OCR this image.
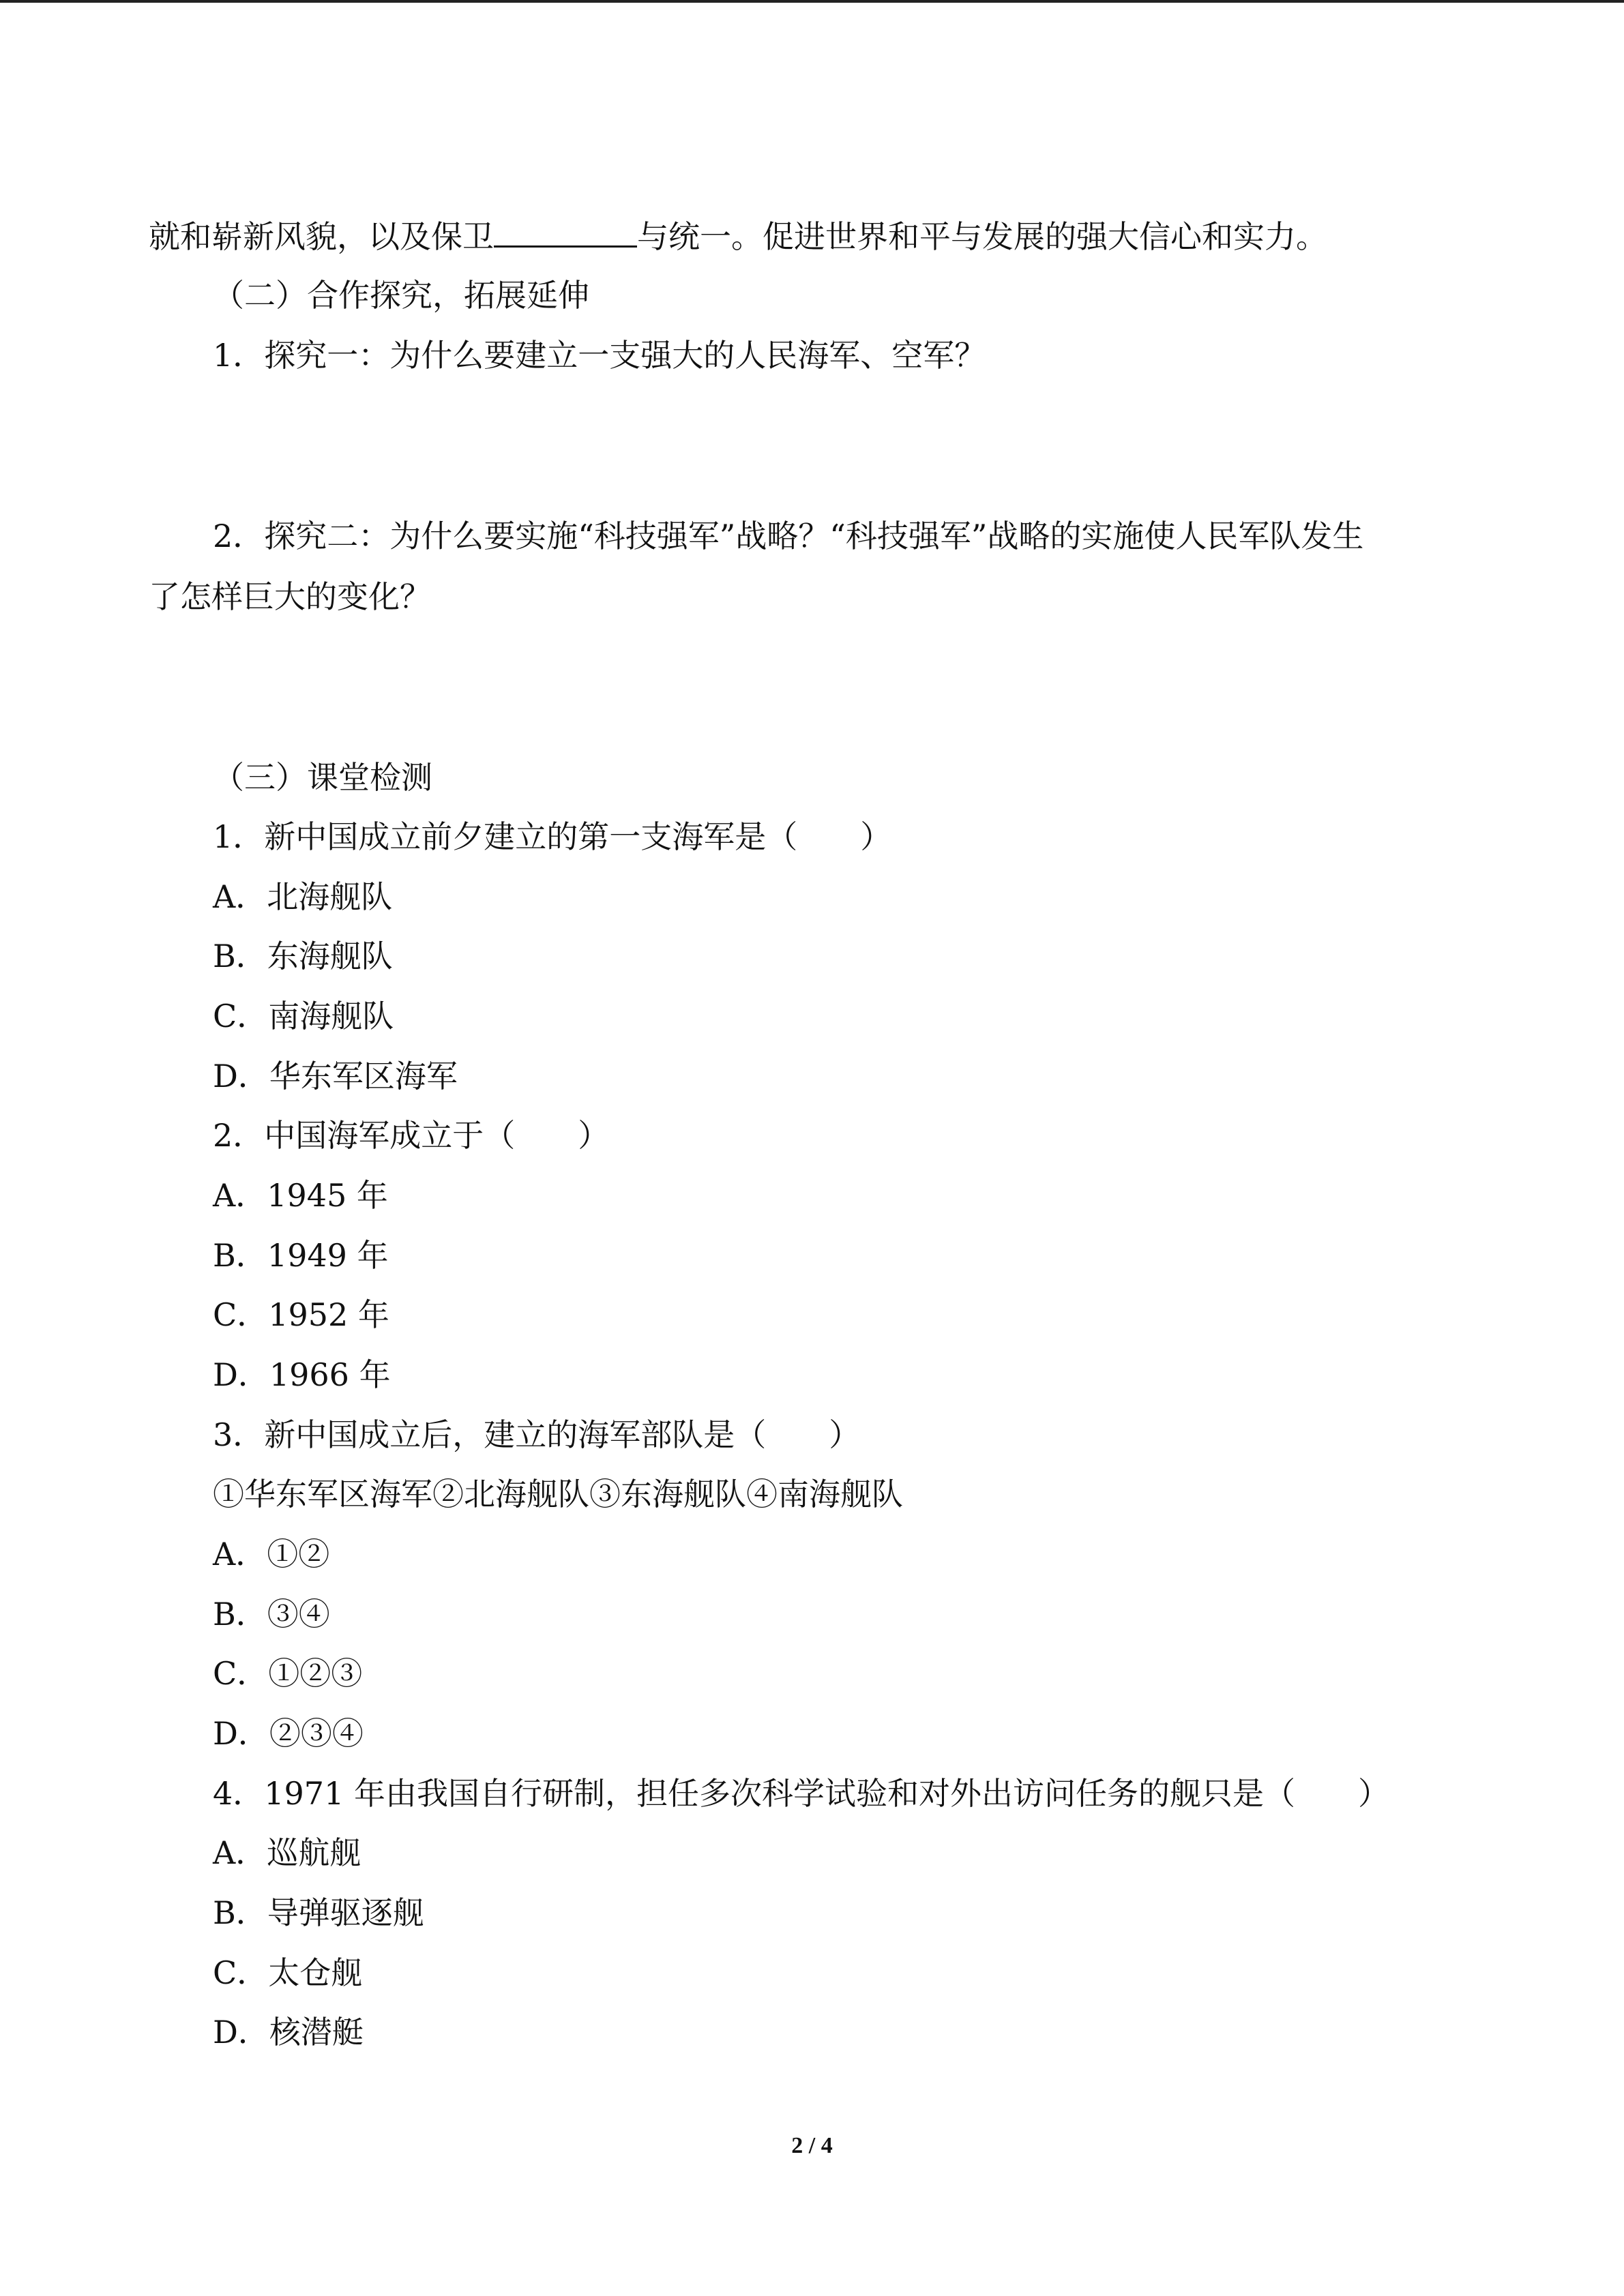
就和崭新风貌，以及保卫	与统一。促进世界和平与发展的强大信心和实力。
（二）合作探究，拓展延伸
1．探究一：为什么要建立一支强大的人民海军、空军？
2．探究二：为什么要实施“科技强军”战略？“科技强军”战略的实施使人民军队发生
了怎样巨大的变化？
（三）课堂检测
1．新中国成立前夕建立的第一支海军是（　　）
A．北海舰队
B．东海舰队
C．南海舰队
D．华东军区海军
2．中国海军成立于（　　）
A．1945 年
B．1949 年
C．1952 年
D．1966 年
3．新中国成立后，建立的海军部队是（　　）
①华东军区海军②北海舰队③东海舰队④南海舰队
A．①②
B．③④
C．①②③
D．②③④
4．1971 年由我国自行研制，担任多次科学试验和对外出访问任务的舰只是（　　）
A．巡航舰
B．导弹驱逐舰
C．太仓舰
D．核潜艇
2 / 4
